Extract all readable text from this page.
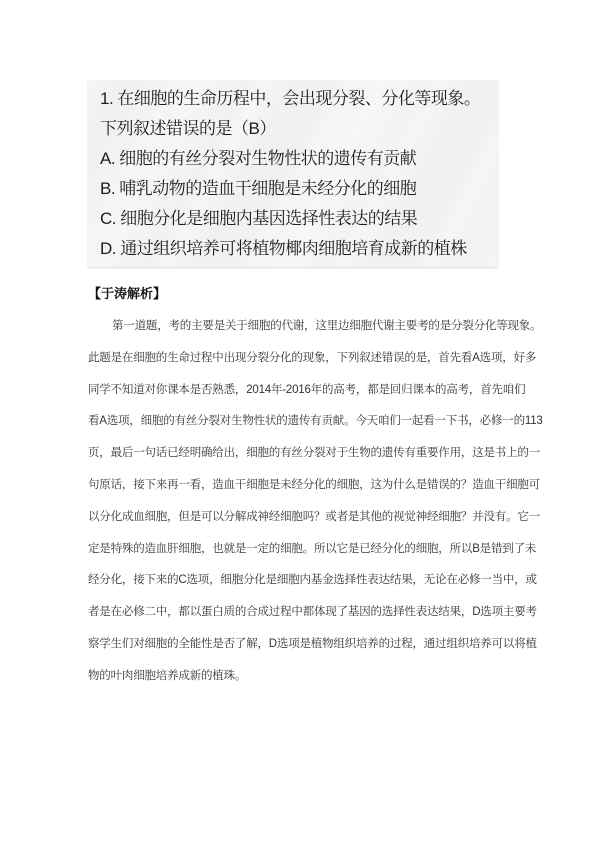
1. 在细胞的生命历程中，会出现分裂、分化等现象。
下列叙述错误的是（B）
A. 细胞的有丝分裂对生物性状的遗传有贡献
B. 哺乳动物的造血干细胞是未经分化的细胞
C. 细胞分化是细胞内基因选择性表达的结果
D. 通过组织培养可将植物椰肉细胞培育成新的植株
【于涛解析】
第一道题，考的主要是关于细胞的代谢，这里边细胞代谢主要考的是分裂分化等现象。
此题是在细胞的生命过程中出现分裂分化的现象，下列叙述错误的是，首先看A选项，好多
同学不知道对你课本是否熟悉，2014年-2016年的高考，都是回归课本的高考，首先咱们
看A选项，细胞的有丝分裂对生物性状的遗传有贡献。今天咱们一起看一下书，必修一的113
页，最后一句话已经明确给出，细胞的有丝分裂对于生物的遗传有重要作用，这是书上的一
句原话，接下来再一看，造血干细胞是未经分化的细胞，这为什么是错误的？造血干细胞可
以分化成血细胞，但是可以分解成神经细胞吗？或者是其他的视觉神经细胞？并没有。它一
定是特殊的造血肝细胞，也就是一定的细胞。所以它是已经分化的细胞，所以B是错到了未
经分化，接下来的C选项，细胞分化是细胞内基金选择性表达结果，无论在必修一当中，或
者是在必修二中，都以蛋白质的合成过程中都体现了基因的选择性表达结果，D选项主要考
察学生们对细胞的全能性是否了解，D选项是植物组织培养的过程，通过组织培养可以将植
物的叶肉细胞培养成新的植珠。
